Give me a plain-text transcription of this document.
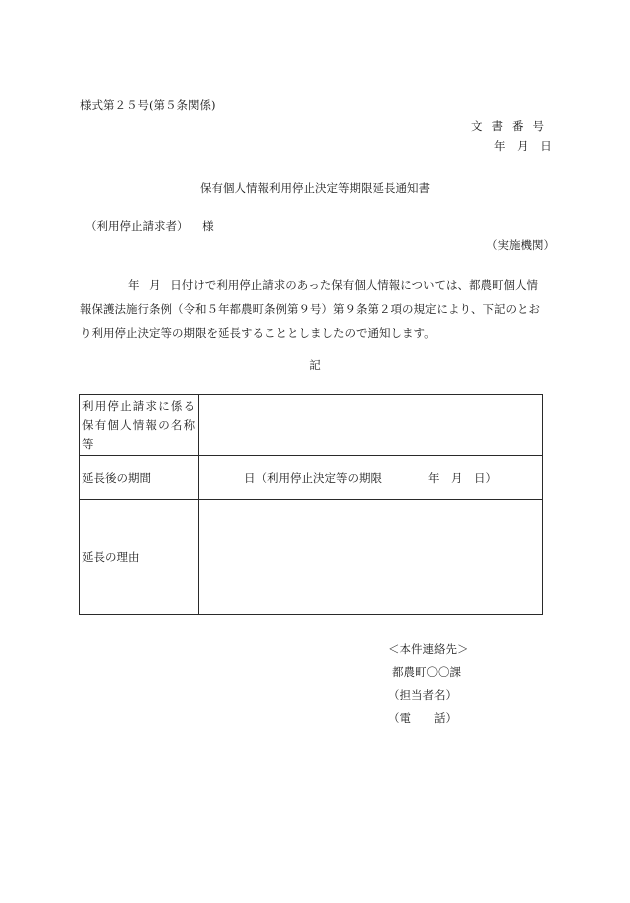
様式第２５号(第５条関係)
文書番号
年 月 日
保有個人情報利用停止決定等期限延長通知書
（利用停止請求者） 様
（実施機関）
年 月 日付けで利用停止請求のあった保有個人情報については、都農町個人情報保護法施行条例（令和５年都農町条例第９号）第９条第２項の規定により、下記のとおり利用停止決定等の期限を延長することとしましたので通知します。
記
利用停止請求に係る保有個人情報の名称等	
延長後の期間	日（利用停止決定等の期限　　　　年　月　日）
延長の理由	
＜本件連絡先＞
都農町〇〇課
（担当者名）
（電　　話）
